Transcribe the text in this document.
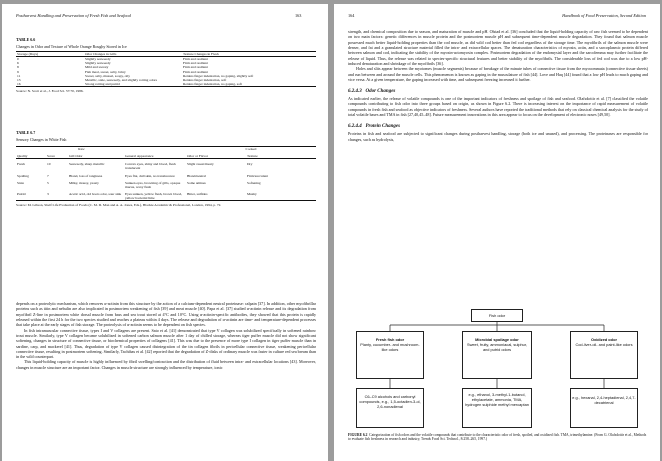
Postharvest Handling and Preservation of Fresh Fish and Seafood	163
TABLE 6.6
Changes in Odor and Texture of Whole Orange Roughy Stored in Ice
Storage (Days)	Odor Changes in Gills	Texture Changes in Flesh
0	Slightly seaweedy	Firm and resilient
6	Slightly seaweedy	Firm and resilient
8	Mild and sweaty	Firm and resilient
9	Fish meal, sweet, salty, briny	Firm and resilient
11	Sweet, salty, mussel, soapy, oily	Retains finger indentation, no gaping, slightly soft
13	Metallic, stale, seaweedy, and slightly rotting odors	Retains finger indentation, soft
16	Strong rotting and putrid	Retains finger indentation, no gaping, soft
Source: N. Scott et al., J. Food Sci. 57:70, 1986.
TABLE 6.7
Sensory Changes in White Fish
Raw				Cooked	
Quality	Score	Gill Odor	General Appearance	Odor or Flavor	Texture
Fresh	10	Seaweedy, sharp metallic	Convex eyes, shiny and blood, flesh translucent	Slight sweet/meaty	Dry
Spoiling	7	Bland, loss of tanginess	Eyes flat, dull skin, no translucence	Bland/neutral	Firm/succulent
Stale	5	Milky, mousy, yeasty	Sunken eyes, browning of gills, opaque mucus, waxy flesh	Some amines	Softening
Putrid	3	Acetic acid, old boots odor, sour sink	Eyes sunken, yellow flesh, brown blood, yellow bacterial lime	Bitter, sulfides	Mushy
Source: M. Gibson, Shelf Life Evaluation of Foods (C. M. D. Man and A. A. Jones, Eds.), Blackie Academic & Professional, London, 1994, p. 72.

depends on a proteolytic mechanism, which removes α-actinin from this structure by the action of a calcium-dependent neutral proteinase: calpain [37]. In addition, other myofibrillar proteins such as titin and nebulin are also implicated in postmortem weakening of fish [39] and meat muscle [40]. Papa et al. [37] studied α-actinin release and its degradation from myofibril Z-line in postmortem white dorsal muscle from bass and sea trout stored at 4°C and 10°C. Using α-actinin-specific antibodies, they showed that this protein is rapidly released within the first 24 h for the two species studied and reaches a plateau within 4 days. The release and degradation of α-actinin are time- and temperature-dependent processes that take place at the early stages of fish storage. The proteolysis of α-actinin seems to be dependent on fish species.

In fish intramuscular connective tissue, types I and V collagens are present. Sato et al. [41] demonstrated that type V collagen was solubilized specifically in softened rainbow trout muscle. Similarly, type V collagen became solubilized in softened carbon salmon muscle after 1 day of chilled storage, whereas tiger puffer muscle did not show significant softening, changes in structure of connective tissue, or biochemical properties of collagens [41]. This was due to the presence of more type I collagen in tiger puffer muscle than in sardine, carp, and mackerel [41]. Thus, degradation of type V collagen caused disintegration of the tin collagen fibrils in pericellular connective tissue, weakening pericellular connective tissue, resulting in postmortem softening. Similarly, Tachibas et al. [42] reported that the degradation of Z-disks of ordinary muscle was faster in culture red sea bream than in the wild counterpart.

This liquid-holding capacity of muscle is highly influenced by fibril swelling/contraction and the distribution of fluid between intra- and extracellular locations [43]. Moreover, changes in muscle structure are an important factor. Changes in muscle structure are strongly influenced by temperature, ionic

164	Handbook of Food Preservation, Second Edition

strength, and chemical composition due to season, and maturation of muscle and pH. Olstad et al. [36] concluded that the liquid-holding capacity of raw fish seemed to be dependent on two main factors: genetic differences in muscle protein and the postmortem muscle pH and subsequent time-dependent muscle degradation. They found that salmon muscle possessed much better liquid-holding properties than the cod muscle, as did wild cod better than fed cod regardless of the storage time. The myofibrils of the salmon muscle were denser, and fat and a granulated structure material filled the intra- and extracellular spaces. The denaturation characteristics of myosin, actin, and a sarcoplasmic protein differed between salmon and cod, indicating the stability of the myosin-actomyosin complex. Postmortem degradation of the endomysial layer and the sarcolemma may further facilitate the release of liquid. Thus, the release was related to species-specific structural features and better stability of the myofibrils. The considerable loss of fed cod was due to a low pH-induced denaturation and shrinkage of the myofibrils [36].

Holes and slits appear between the myotomes (muscle segments) because of breakage of the minute tubes of connective tissue from the myocommata (connective tissue sheets) and run between and around the muscle cells. This phenomenon is known as gaping in the musculature of fish [44]. Love and Haq [44] found that a low pH leads to much gaping and vice versa. At a given temperature, the gaping increased with time, and subsequent freezing increased it further.

6.2.4.3 Odor Changes

As indicated earlier, the release of volatile compounds is one of the important indicators of freshness and spoilage of fish and seafood. Olafsdottir et al. [7] classified the volatile compounds contributing to fish odor into three groups based on origin, as shown in Figure 6.2. There is increasing interest on the importance of rapid measurement of volatile compounds in fresh fish and seafood as objective indicators of freshness. Several authors have reported the traditional methods that rely on classical chemical analysis for the study of total volatile bases and TMA in fish [27,40,45–48]. Future measurement innovations in this area appear to focus on the development of electronic noses [49,50].

6.2.4.4 Protein Changes

Proteins in fish and seafood are subjected to significant changes during postharvest handling, storage (both ice and unused), and processing. The proteinases are responsible for changes, such as hydrolysis,

Fish odor
Fresh fish odor
Planty, cucumber- and mushroom-like odors
Microbial spoilage odor
Sweet, fruity, ammoniacal, sulphur, and putrid odors
Oxidized odor
Cod-liver-oil- and paint-like odors
C6–C9 alcohols and carbonyl compounds, e.g., 1,5-octadien-3-ol, 2,6-nonadienal
e.g., ethanol, 3-methyl-1-butanol, ethylacetate, ammonia, TMA, hydrogen sulphide methyl mercaptan
e.g., hexanal, 2,4-heptadienal, 2,4,7-decatrienal
FIGURE 6.2 Categorization of fish odors and the volatile compounds that contribute to the characteristic odor of fresh, spoiled, and oxidized fish. TMA, trimethylamine. (From G. Olafsdottir et al., Methods to evaluate fish freshness in research and industry, Trends Food Sci. Technol., 8:258–265, 1997.)
